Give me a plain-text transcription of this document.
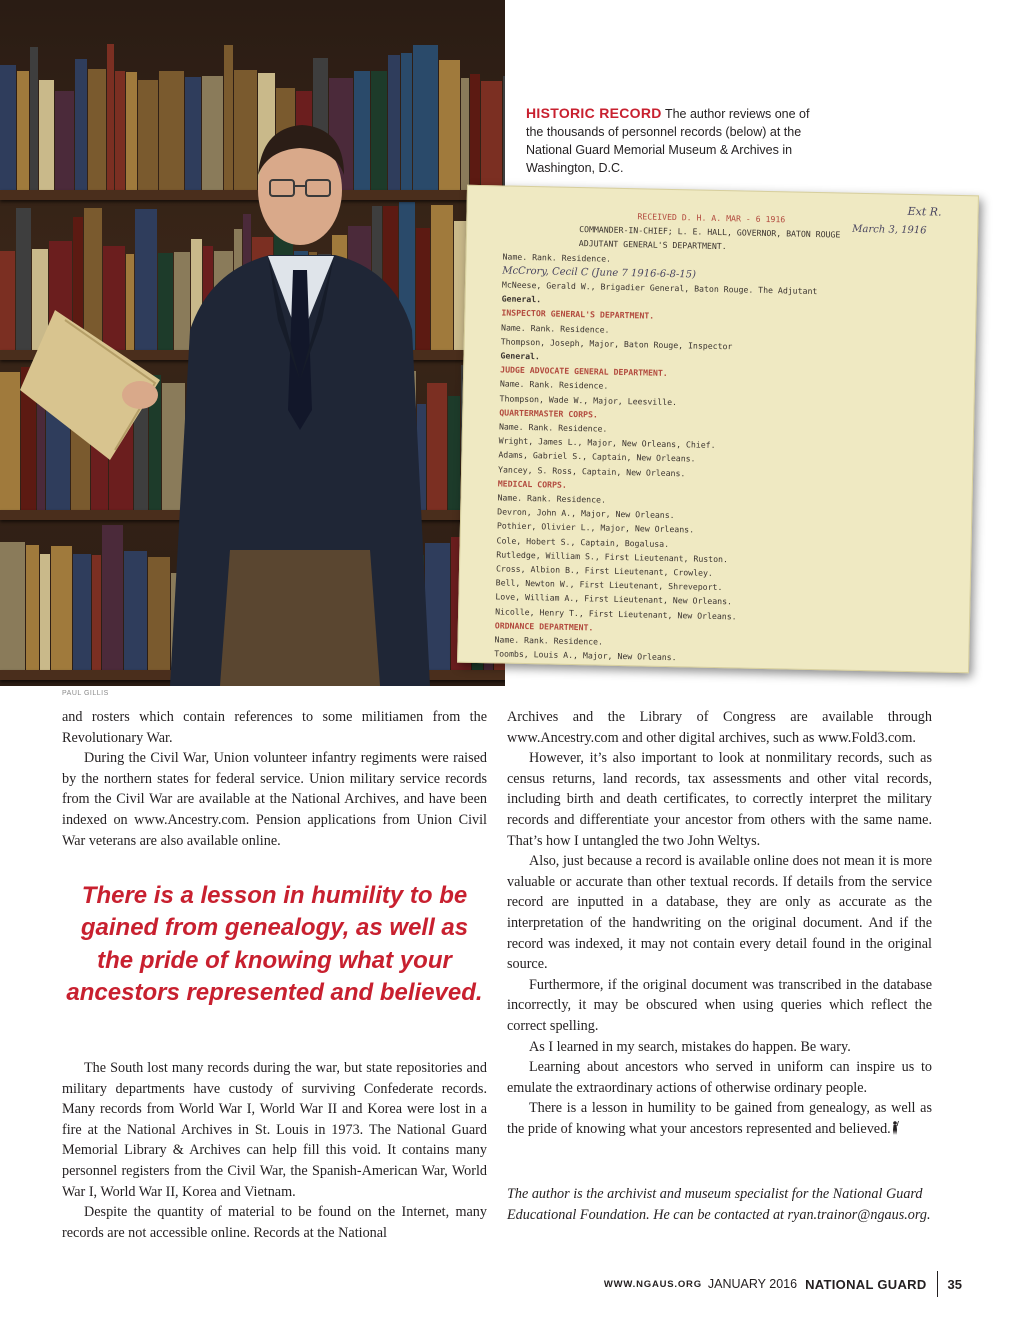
HISTORIC RECORD The author reviews one of the thousands of personnel records (below) at the National Guard Memorial Museum & Archives in Washington, D.C.
March 3, 1916
Ext R.
RECEIVED D. H. A. MAR - 6 1916
COMMANDER-IN-CHIEF; L. E. HALL, GOVERNOR, BATON ROUGE
ADJUTANT GENERAL'S DEPARTMENT.
Name. Rank. Residence.
McCrory, Cecil C (June 7 1916-6-8-15)
McNeese, Gerald W., Brigadier General, Baton Rouge. The Adjutant
General.
INSPECTOR GENERAL'S DEPARTMENT.
Name. Rank. Residence.
Thompson, Joseph, Major, Baton Rouge, Inspector
General.
JUDGE ADVOCATE GENERAL DEPARTMENT.
Name. Rank. Residence.
Thompson, Wade W., Major, Leesville.
QUARTERMASTER CORPS.
Name. Rank. Residence.
Wright, James L., Major, New Orleans, Chief.
Adams, Gabriel S., Captain, New Orleans.
Yancey, S. Ross, Captain, New Orleans.
MEDICAL CORPS.
Name. Rank. Residence.
Devron, John A., Major, New Orleans.
Pothier, Olivier L., Major, New Orleans.
Cole, Hobert S., Captain, Bogalusa.
Rutledge, William S., First Lieutenant, Ruston.
Cross, Albion B., First Lieutenant, Crowley.
Bell, Newton W., First Lieutenant, Shreveport.
Love, William A., First Lieutenant, New Orleans.
Nicolle, Henry T., First Lieutenant, New Orleans.
ORDNANCE DEPARTMENT.
Name. Rank. Residence.
Toombs, Louis A., Major, New Orleans.
PAUL GILLIS

and rosters which contain references to some militiamen from the Revolutionary War.

During the Civil War, Union volunteer infantry regiments were raised by the northern states for federal service. Union military service records from the Civil War are available at the National Archives, and have been indexed on www.Ancestry.com. Pension applications from Union Civil War veterans are also available online.

There is a lesson in humility to be gained from genealogy, as well as the pride of knowing what your ancestors represented and believed.

The South lost many records during the war, but state repositories and military departments have custody of surviving Confederate records. Many records from World War I, World War II and Korea were lost in a fire at the National Archives in St. Louis in 1973. The National Guard Memorial Library & Archives can help fill this void. It contains many personnel registers from the Civil War, the Spanish-American War, World War I, World War II, Korea and Vietnam.

Despite the quantity of material to be found on the Internet, many records are not accessible online. Records at the National

Archives and the Library of Congress are available through www.Ancestry.com and other digital archives, such as www.Fold3.com.

However, it’s also important to look at nonmilitary records, such as census returns, land records, tax assessments and other vital records, including birth and death certificates, to correctly interpret the military records and differentiate your ancestor from others with the same name. That’s how I untangled the two John Weltys.

Also, just because a record is available online does not mean it is more valuable or accurate than other textual records. If details from the service record are inputted in a database, they are only as accurate as the interpretation of the handwriting on the original document. And if the record was indexed, it may not contain every detail found in the original source.

Furthermore, if the original document was transcribed in the database incorrectly, it may be obscured when using queries which reflect the correct spelling.

As I learned in my search, mistakes do happen. Be wary.

Learning about ancestors who served in uniform can inspire us to emulate the extraordinary actions of otherwise ordinary people.

There is a lesson in humility to be gained from genealogy, as well as the pride of knowing what your ancestors represented and believed.

The author is the archivist and museum specialist for the National Guard Educational Foundation. He can be contacted at ryan.trainor@ngaus.org.
WWW.NGAUS.ORG JANUARY 2016 NATIONAL GUARD 35
